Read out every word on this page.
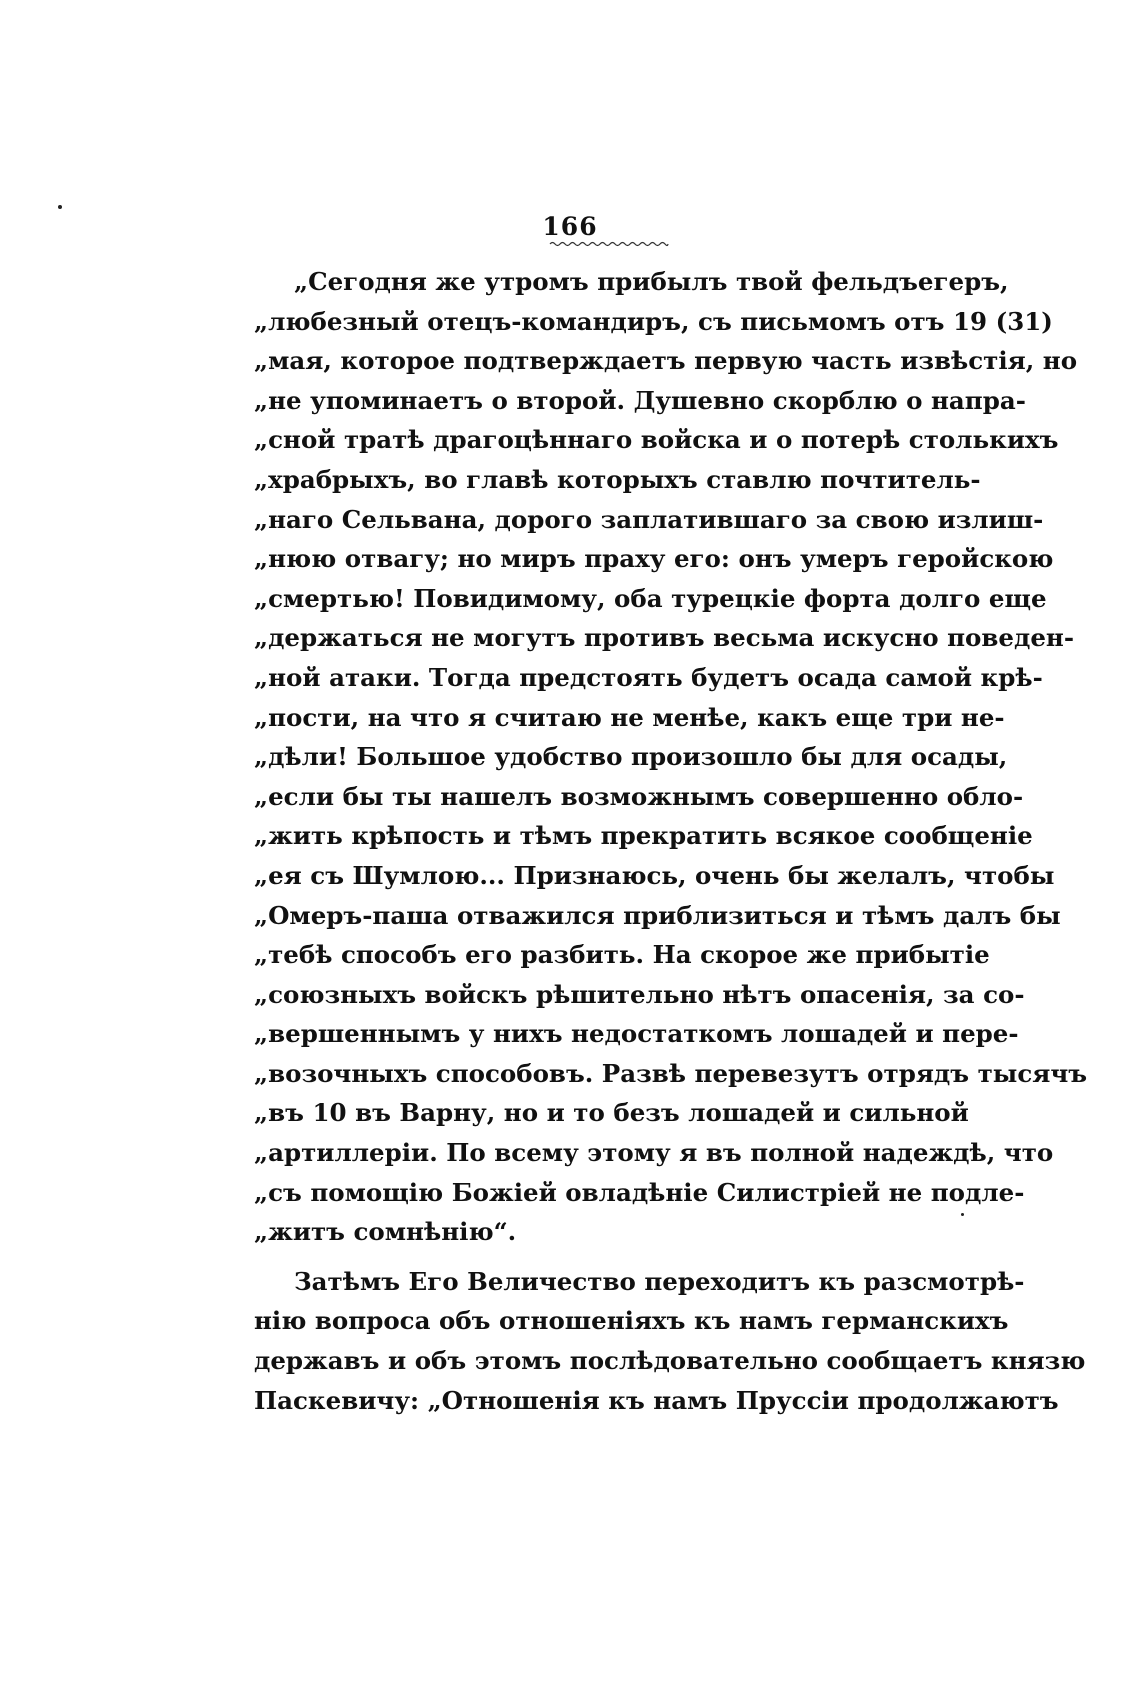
166
„Сегодня же утромъ прибылъ твой фельдъегеръ,
„любезный отецъ-командиръ, съ письмомъ отъ 19 (31)
„мая, которое подтверждаетъ первую часть извѣстія, но
„не упоминаетъ о второй. Душевно скорблю о напра-
„сной тратѣ драгоцѣннаго войска и о потерѣ столькихъ
„храбрыхъ, во главѣ которыхъ ставлю почтитель-
„наго Сельвана, дорого заплатившаго за свою излиш-
„нюю отвагу; но миръ праху его: онъ умеръ геройскою
„смертью! Повидимому, оба турецкіе форта долго еще
„держаться не могутъ противъ весьма искусно поведен-
„ной атаки. Тогда предстоять будетъ осада самой крѣ-
„пости, на что я считаю не менѣе, какъ еще три не-
„дѣли! Большое удобство произошло бы для осады,
„если бы ты нашелъ возможнымъ совершенно обло-
„жить крѣпость и тѣмъ прекратить всякое сообщеніе
„ея съ Шумлою... Признаюсь, очень бы желалъ, чтобы
„Омеръ-паша отважился приблизиться и тѣмъ далъ бы
„тебѣ способъ его разбить. На скорое же прибытіе
„союзныхъ войскъ рѣшительно нѣтъ опасенія, за со-
„вершеннымъ у нихъ недостаткомъ лошадей и пере-
„возочныхъ способовъ. Развѣ перевезутъ отрядъ тысячъ
„въ 10 въ Варну, но и то безъ лошадей и сильной
„артиллеріи. По всему этому я въ полной надеждѣ, что
„съ помощію Божіей овладѣніе Силистріей не подле-
„житъ сомнѣнію“.
Затѣмъ Его Величество переходитъ къ разсмотрѣ-
нію вопроса объ отношеніяхъ къ намъ германскихъ
державъ и объ этомъ послѣдовательно сообщаетъ князю
Паскевичу: „Отношенія къ намъ Пруссіи продолжаютъ
